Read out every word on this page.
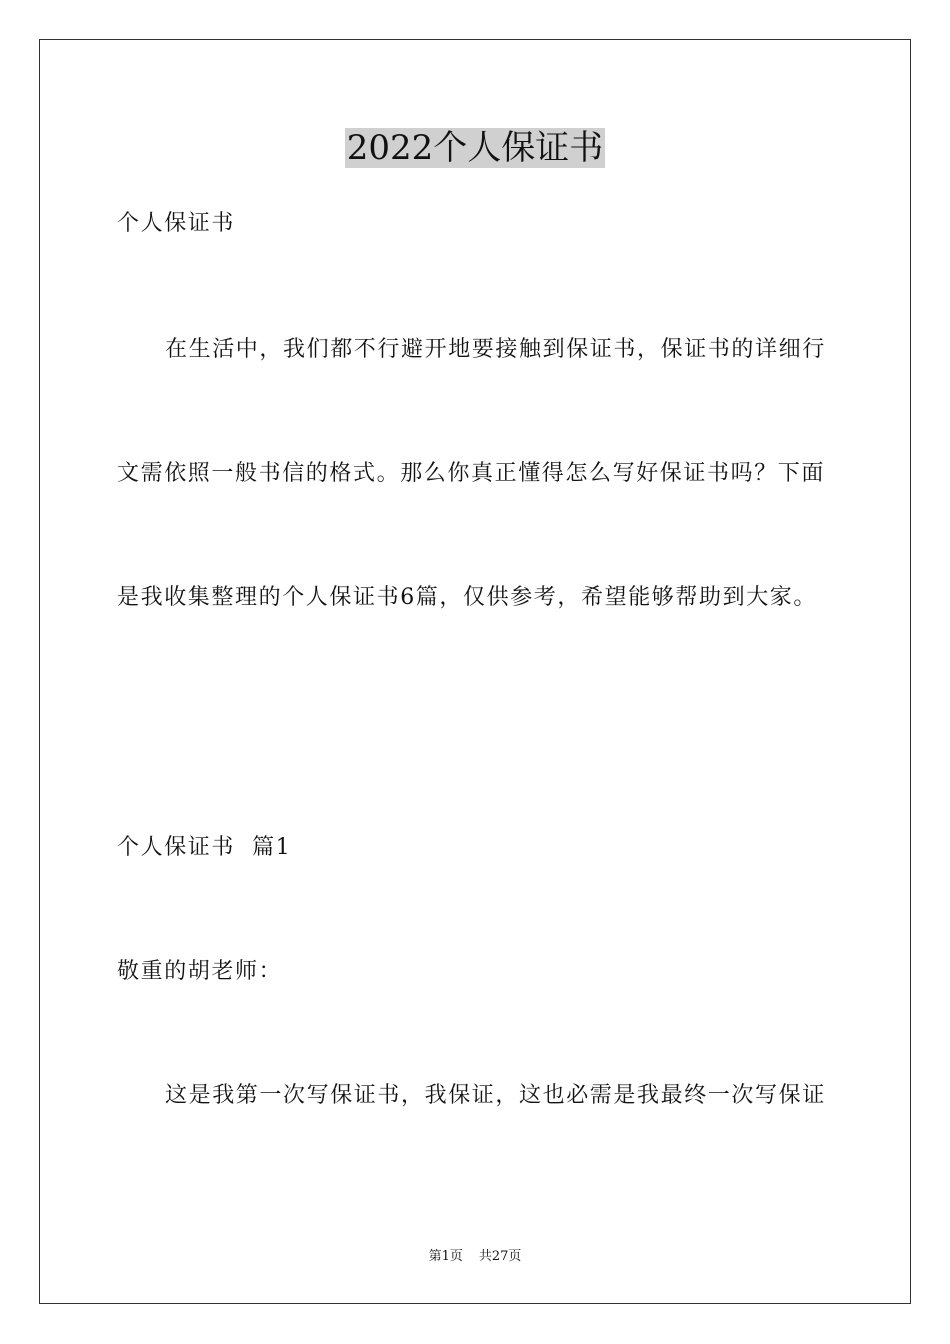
2022个人保证书
个人保证书
在生活中，我们都不行避开地要接触到保证书，保证书的详细行
文需依照一般书信的格式。那么你真正懂得怎么写好保证书吗？下面
是我收集整理的个人保证书6篇，仅供参考，希望能够帮助到大家。
个人保证书  篇1
敬重的胡老师：
这是我第一次写保证书，我保证，这也必需是我最终一次写保证
第1页 共27页
